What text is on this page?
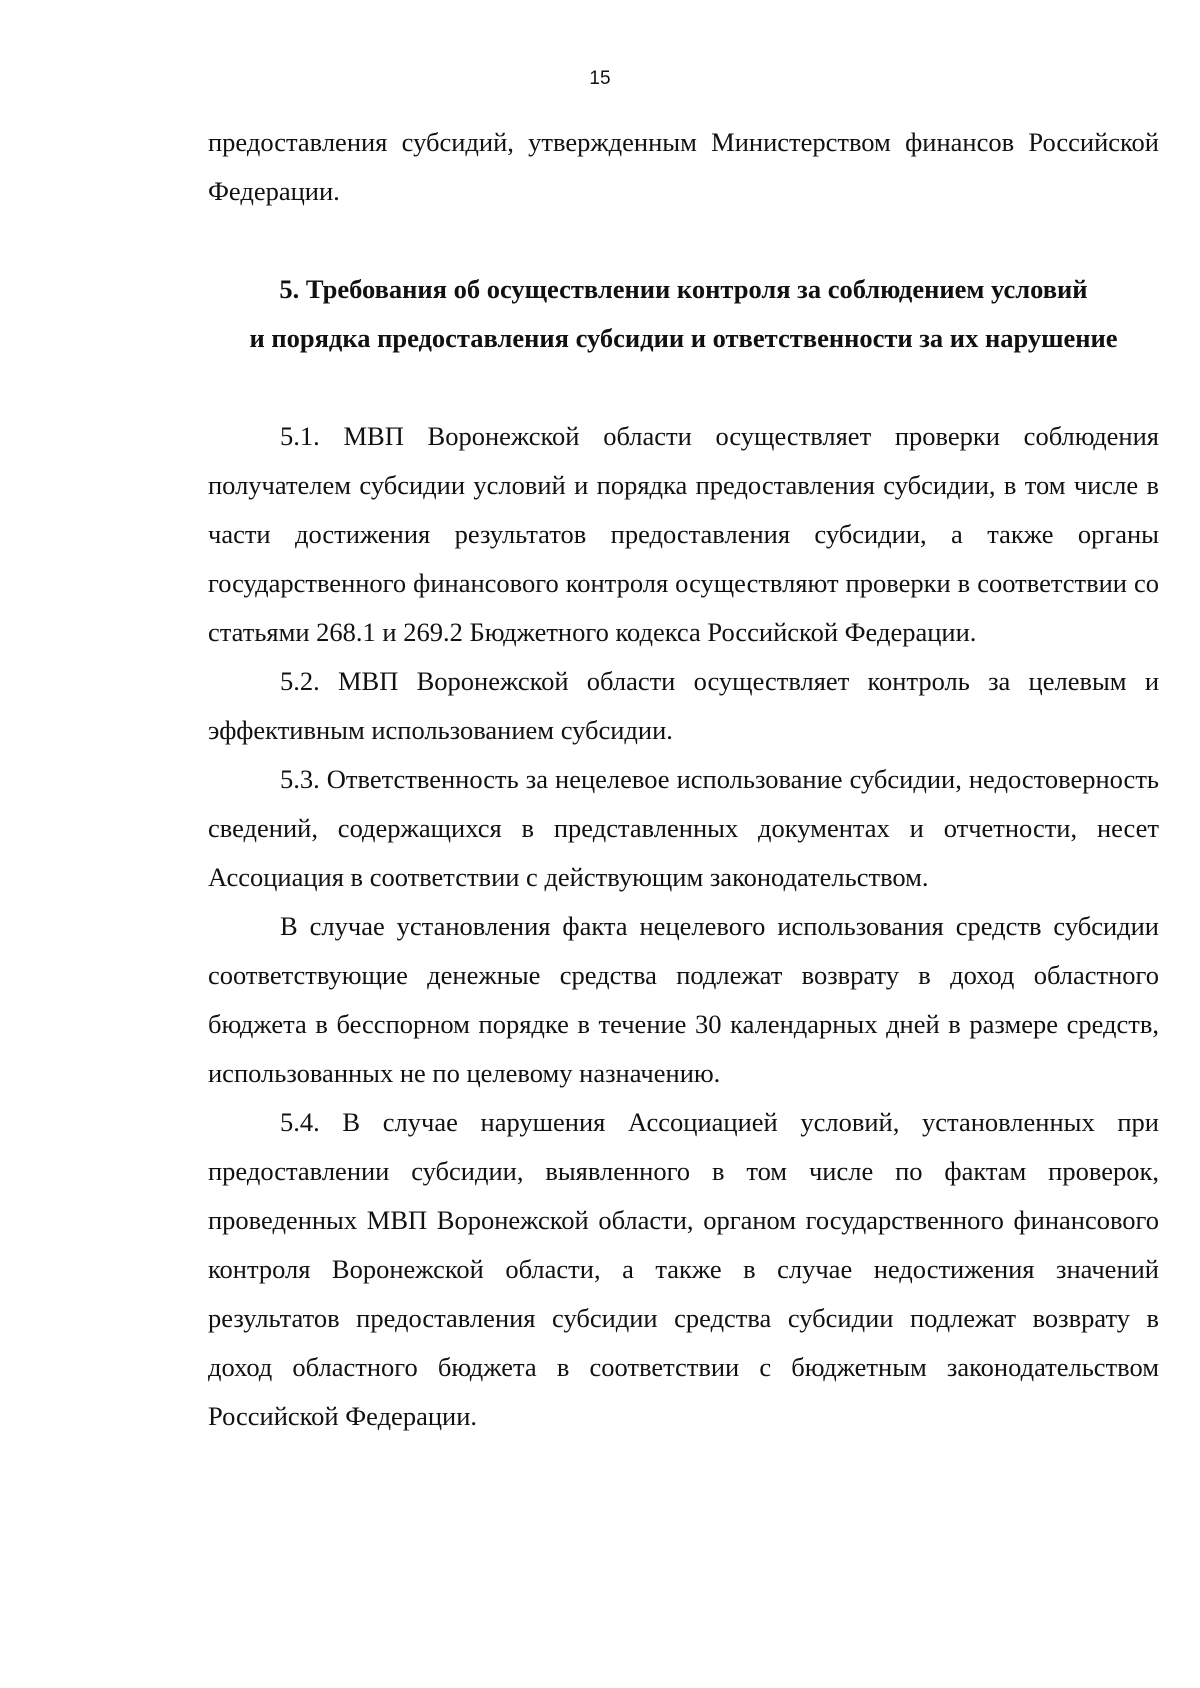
15

предоставления субсидий, утвержденным Министерством финансов Российской Федерации.

5. Требования об осуществлении контроля за соблюдением условий
и порядка предоставления субсидии и ответственности за их нарушение

5.1. МВП Воронежской области осуществляет проверки соблюдения получателем субсидии условий и порядка предоставления субсидии, в том числе в части достижения результатов предоставления субсидии, а также органы государственного финансового контроля осуществляют проверки в соответствии со статьями 268.1 и 269.2 Бюджетного кодекса Российской Федерации.

5.2. МВП Воронежской области осуществляет контроль за целевым и эффективным использованием субсидии.

5.3. Ответственность за нецелевое использование субсидии, недостоверность сведений, содержащихся в представленных документах и отчетности, несет Ассоциация в соответствии с действующим законодательством.

В случае установления факта нецелевого использования средств субсидии соответствующие денежные средства подлежат возврату в доход областного бюджета в бесспорном порядке в течение 30 календарных дней в размере средств, использованных не по целевому назначению.

5.4. В случае нарушения Ассоциацией условий, установленных при предоставлении субсидии, выявленного в том числе по фактам проверок, проведенных МВП Воронежской области, органом государственного финансового контроля Воронежской области, а также в случае недостижения значений результатов предоставления субсидии средства субсидии подлежат возврату в доход областного бюджета в соответствии с бюджетным законодательством Российской Федерации.
